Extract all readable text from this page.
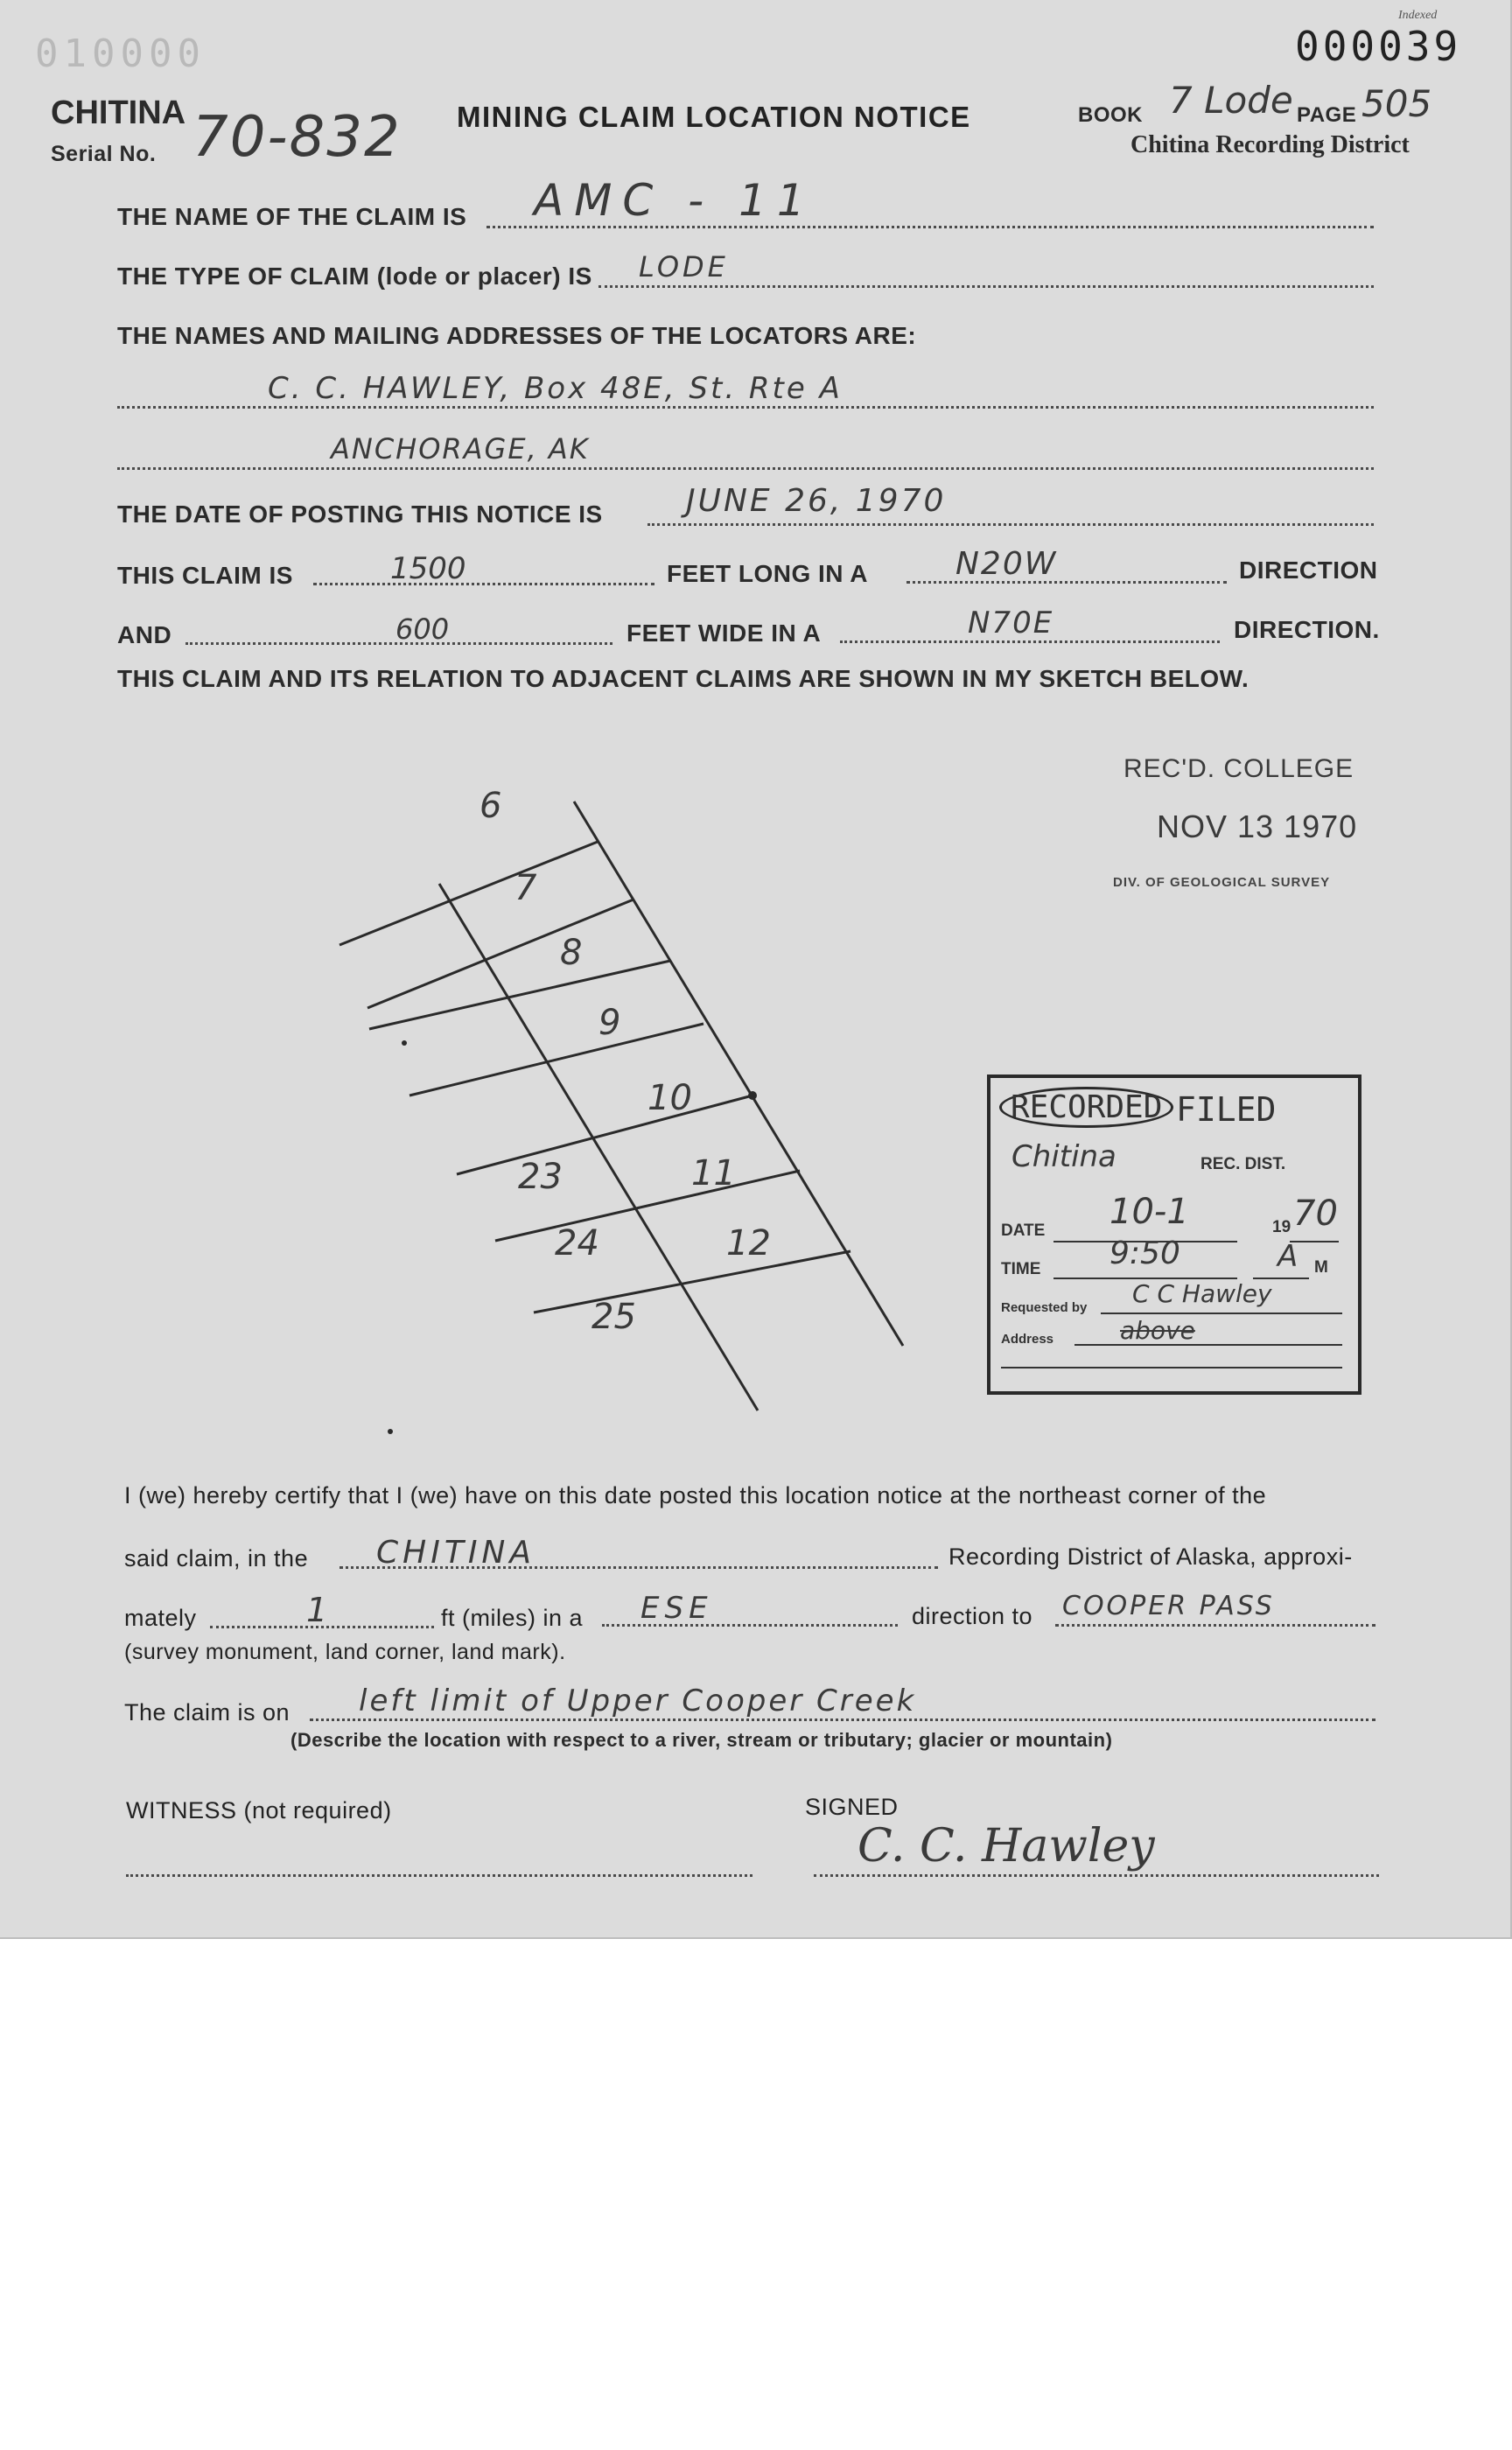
010000
Indexed
000039
CHITINA
Serial No. 70-832 MINING CLAIM LOCATION NOTICE	BOOK 7 Lode PAGE 505
Chitina Recording District
THE NAME OF THE CLAIM IS AMC - 11
THE TYPE OF CLAIM (lode or placer) IS LODE
THE NAMES AND MAILING ADDRESSES OF THE LOCATORS ARE:
C. C. HAWLEY, Box 48E, St. Rte A
ANCHORAGE, AK
THE DATE OF POSTING THIS NOTICE IS	JUNE 26, 1970
THIS CLAIM IS	1500	FEET LONG IN A	N20W	DIRECTION
AND	600	FEET WIDE IN A	N70E	DIRECTION.
THIS CLAIM AND ITS RELATION TO ADJACENT CLAIMS ARE SHOWN IN MY SKETCH BELOW.
REC'D. COLLEGE
NOV 13 1970
DIV. OF GEOLOGICAL SURVEY
6
7
8
9
10
11
12
23
24
25
RECORDED FILED
Chitina	REC. DIST.
DATE 10-1	19 70
TIME 9:50	A M
Requested by C C Hawley
Address	above
I (we) hereby certify that I (we) have on this date posted this location notice at the northeast corner of the
said claim, in the CHITINA	Recording District of Alaska, approxi-
mately	1	ft (miles) in a ESE	direction to COOPER PASS
(survey monument, land corner, land mark).
The claim is on left limit of Upper Cooper Creek
(Describe the location with respect to a river, stream or tributary; glacier or mountain)
WITNESS (not required)	SIGNED
C. C. Hawley
